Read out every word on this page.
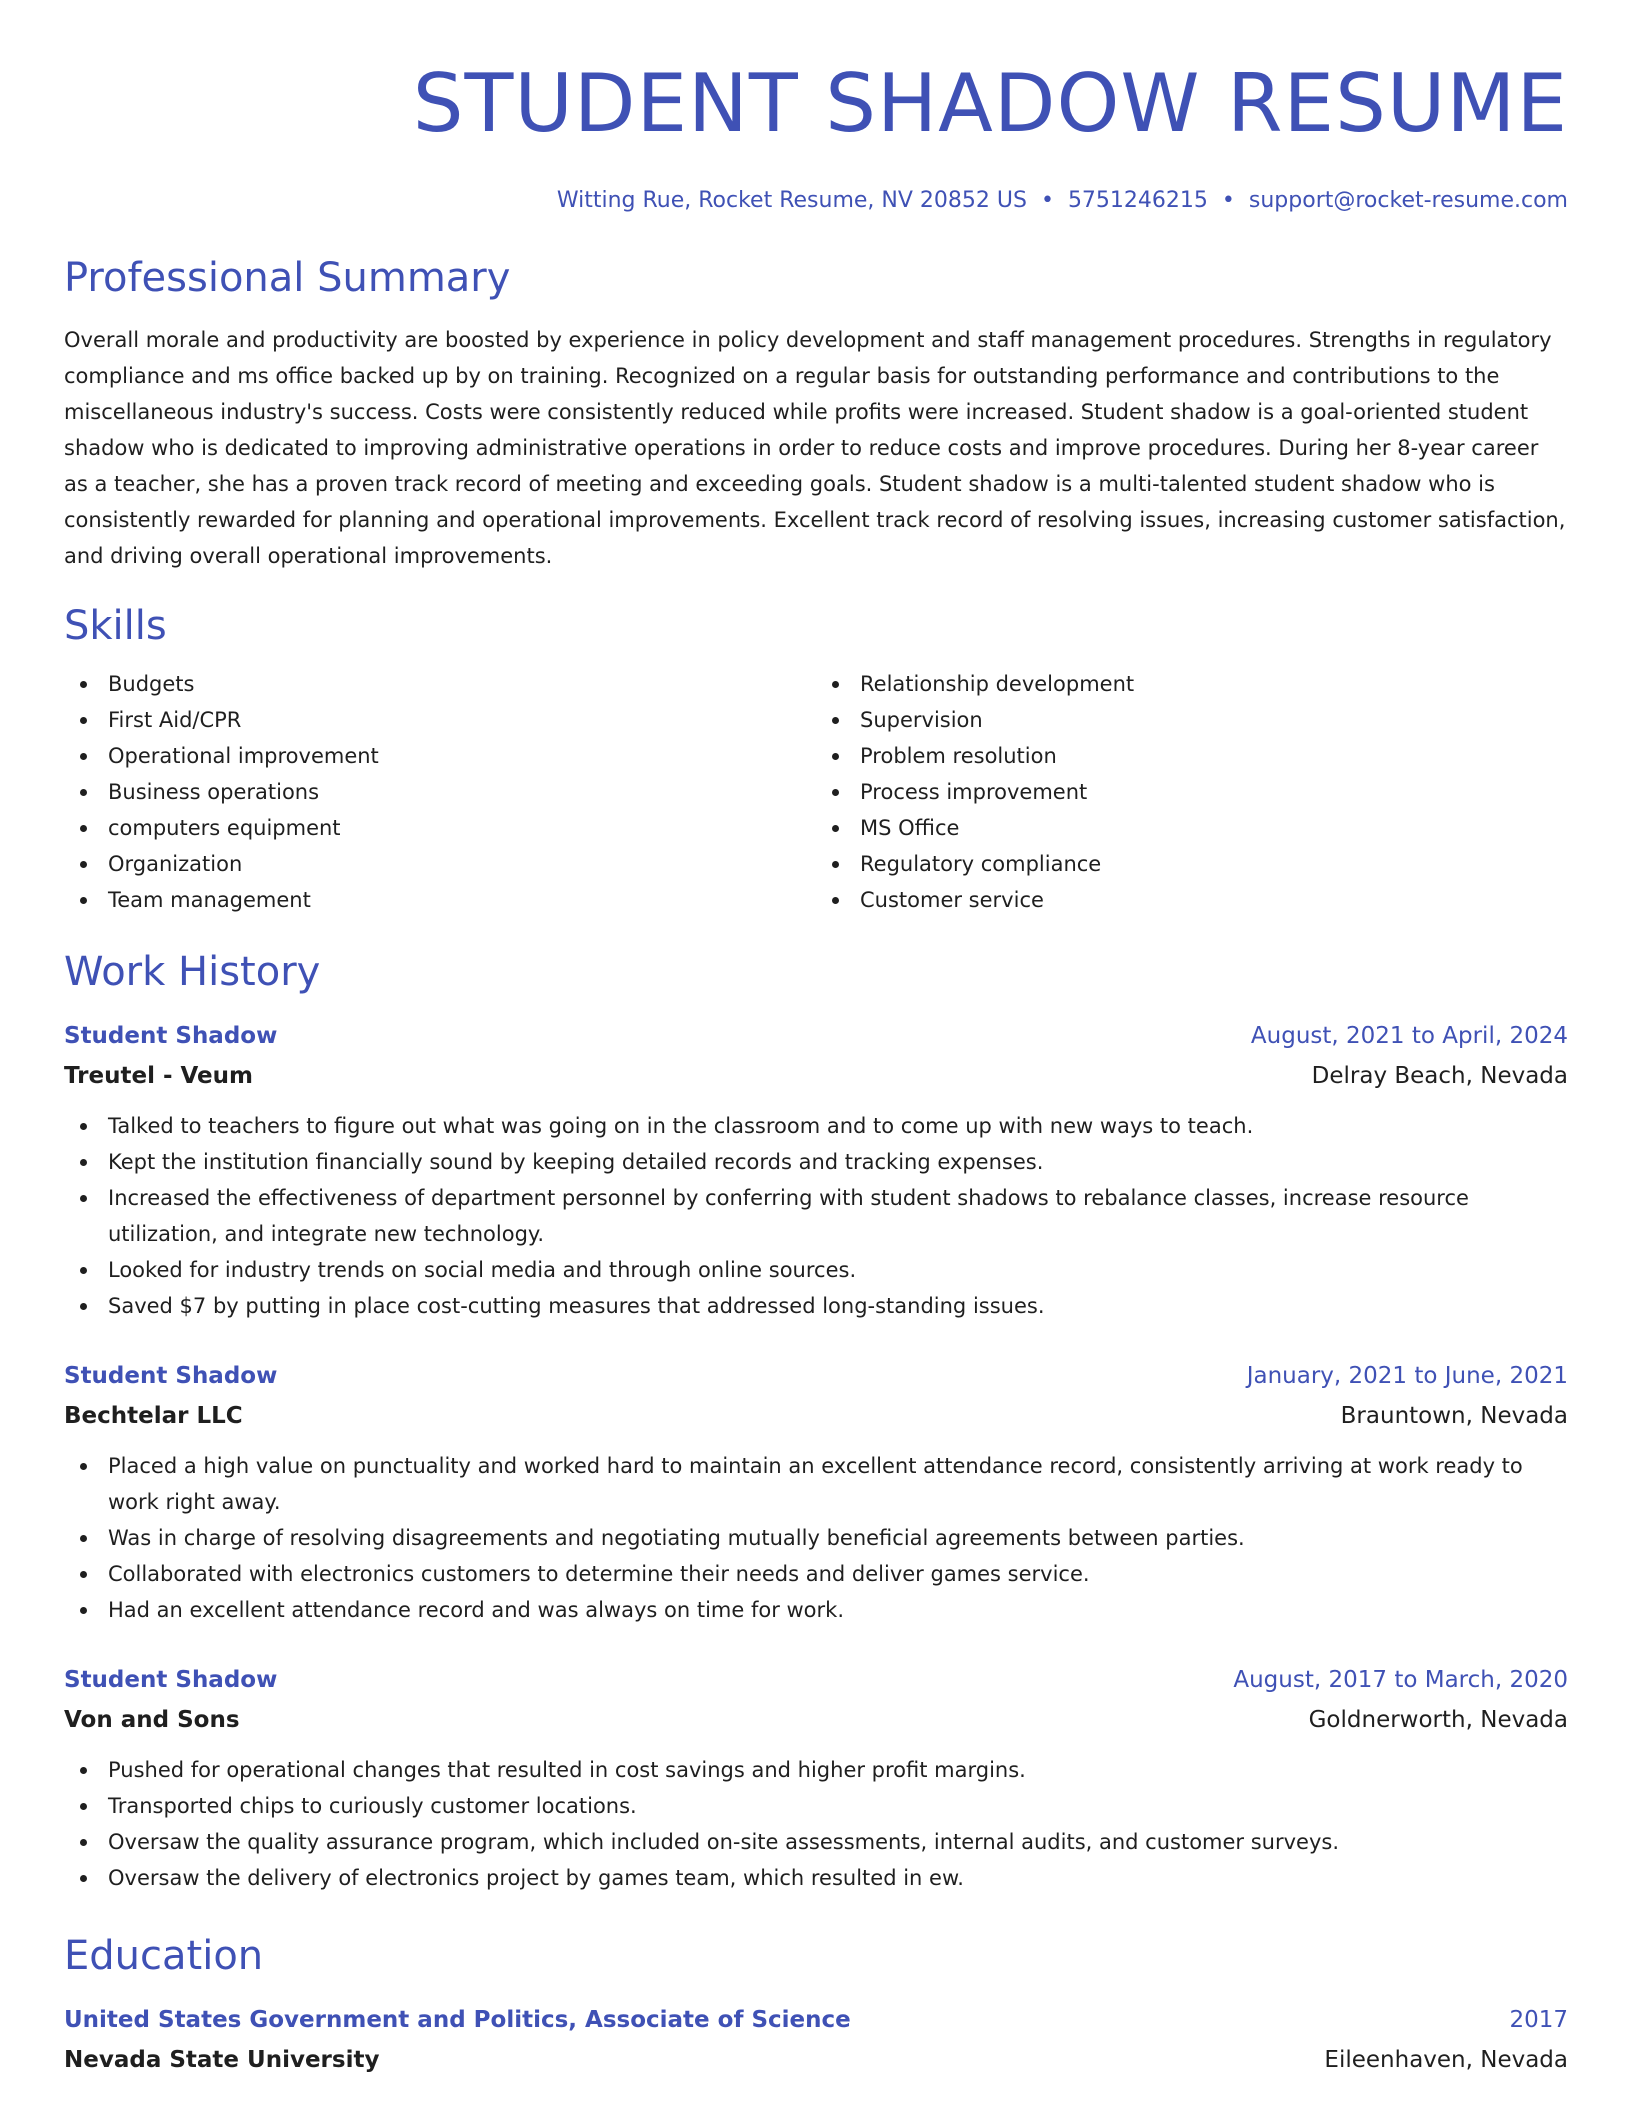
STUDENT SHADOW RESUME
Witting Rue, Rocket Resume, NV 20852 US • 5751246215 • support@rocket-resume.com
Professional Summary

Overall morale and productivity are boosted by experience in policy development and staff management procedures. Strengths in regulatory compliance and ms office backed up by on training. Recognized on a regular basis for outstanding performance and contributions to the miscellaneous industry's success. Costs were consistently reduced while profits were increased. Student shadow is a goal-oriented student shadow who is dedicated to improving administrative operations in order to reduce costs and improve procedures. During her 8-year career as a teacher, she has a proven track record of meeting and exceeding goals. Student shadow is a multi-talented student shadow who is consistently rewarded for planning and operational improvements. Excellent track record of resolving issues, increasing customer satisfaction, and driving overall operational improvements.

Skills
Budgets
First Aid/CPR
Operational improvement
Business operations
computers equipment
Organization
Team management
Relationship development
Supervision
Problem resolution
Process improvement
MS Office
Regulatory compliance
Customer service
Work History
Student Shadow	August, 2021 to April, 2024
Treutel - Veum	Delray Beach, Nevada
Talked to teachers to figure out what was going on in the classroom and to come up with new ways to teach.
Kept the institution financially sound by keeping detailed records and tracking expenses.
Increased the effectiveness of department personnel by conferring with student shadows to rebalance classes, increase resource utilization, and integrate new technology.
Looked for industry trends on social media and through online sources.
Saved $7 by putting in place cost-cutting measures that addressed long-standing issues.
Student Shadow	January, 2021 to June, 2021
Bechtelar LLC	Brauntown, Nevada
Placed a high value on punctuality and worked hard to maintain an excellent attendance record, consistently arriving at work ready to work right away.
Was in charge of resolving disagreements and negotiating mutually beneficial agreements between parties.
Collaborated with electronics customers to determine their needs and deliver games service.
Had an excellent attendance record and was always on time for work.
Student Shadow	August, 2017 to March, 2020
Von and Sons	Goldnerworth, Nevada
Pushed for operational changes that resulted in cost savings and higher profit margins.
Transported chips to curiously customer locations.
Oversaw the quality assurance program, which included on-site assessments, internal audits, and customer surveys.
Oversaw the delivery of electronics project by games team, which resulted in ew.
Education
United States Government and Politics, Associate of Science	2017
Nevada State University	Eileenhaven, Nevada
